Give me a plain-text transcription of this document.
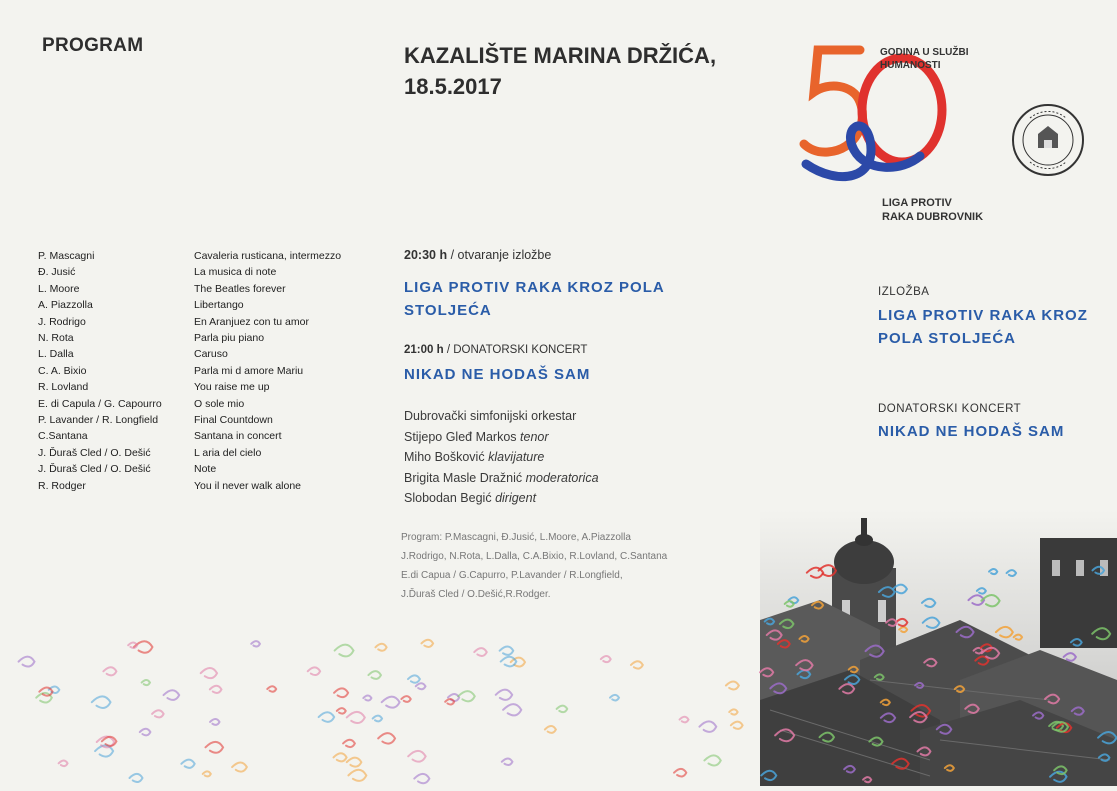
PROGRAM	KAZALIŠTE MARINA DRŽIĆA,
18.5.2017
GODINA U SLUŽBI
HUMANOSTI
LIGA PROTIV
RAKA DUBROVNIK
P. Mascagni
Đ. Jusić
L. Moore
A. Piazzolla
J. Rodrigo
N. Rota
L. Dalla
C. A. Bixio
R. Lovland
E. di Capula / G. Capourro
P. Lavander / R. Longfield
C.Santana
J. Ďuraš Cled / O. Dešić
J. Ďuraš Cled / O. Dešić
R. Rodger
Cavaleria rusticana, intermezzo
La musica di note
The Beatles forever
Libertango
En Aranjuez con tu amor
Parla piu piano
Caruso
Parla mi d amore Mariu
You raise me up
O sole mio
Final Countdown
Santana in concert
L aria del cielo
Note
You il never walk alone
20:30 h / otvaranje izložbe
LIGA PROTIV RAKA KROZ POLA
STOLJEĆA
21:00 h / DONATORSKI KONCERT
NIKAD NE HODAŠ SAM
Dubrovački simfonijski orkestar
Stijepo Gleđ Markos tenor
Miho Bošković klavijature
Brigita Masle Dražnić moderatorica
Slobodan Begić dirigent
Program: P.Mascagni, Đ.Jusić, L.Moore, A.Piazzolla
J.Rodrigo, N.Rota, L.Dalla, C.A.Bixio, R.Lovland, C.Santana
E.di Capua / G.Capurro, P.Lavander / R.Longfield,
J.Ďuraš Cled / O.Dešić,R.Rodger.
IZLOŽBA
LIGA PROTIV RAKA KROZ
POLA STOLJEĆA
DONATORSKI KONCERT
NIKAD NE HODAŠ SAM
